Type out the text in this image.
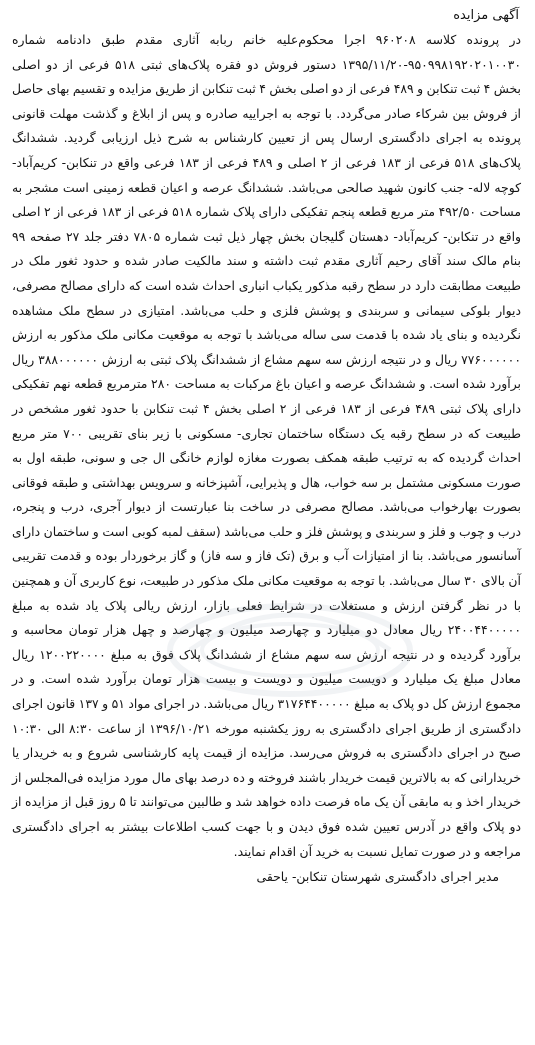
آگهی مزایده

در پرونده کلاسه ۹۶۰۲۰۸ اجرا محکوم‌علیه خانم ربابه آثاری مقدم طبق دادنامه شماره ۹۵۰۹۹۸۱۹۲۰۲۰۱۰۰۳۰-۱۳۹۵/۱۱/۲۰ دستور فروش دو فقره پلاک‌های ثبتی ۵۱۸ فرعی از دو اصلی بخش ۴ ثبت تنکابن و ۴۸۹ فرعی از دو اصلی بخش ۴ ثبت تنکابن از طریق مزایده و تقسیم بهای حاصل از فروش بین شرکاء صادر می‌گردد. با توجه به اجراییه صادره و پس از ابلاغ و گذشت مهلت قانونی پرونده به اجرای دادگستری ارسال پس از تعیین کارشناس به شرح ذیل ارزیابی گردید. ششدانگ پلاک‌های ۵۱۸ فرعی از ۱۸۳ فرعی از ۲ اصلی و ۴۸۹ فرعی از ۱۸۳ فرعی واقع در تنکابن- کریم‌آباد- کوچه لاله- جنب کانون شهید صالحی می‌باشد. ششدانگ عرصه و اعیان قطعه زمینی است مشجر به مساحت ۴۹۲/۵۰ متر مربع قطعه پنجم تفکیکی دارای پلاک شماره ۵۱۸ فرعی از ۱۸۳ فرعی از ۲ اصلی واقع در تنکابن- کریم‌آباد- دهستان گلیجان بخش چهار ذیل ثبت شماره ۷۸۰۵ دفتر جلد ۲۷ صفحه ۹۹ بنام مالک سند آقای رحیم آثاری مقدم ثبت داشته و سند مالکیت صادر شده و حدود ثغور ملک در طبیعت مطابقت دارد در سطح رقبه مذکور یکباب انباری احداث شده است که دارای مصالح مصرفی، دیوار بلوکی سیمانی و سربندی و پوشش فلزی و حلب می‌باشد. امتیازی در سطح ملک مشاهده نگردیده و بنای یاد شده با قدمت سی ساله می‌باشد با توجه به موقعیت مکانی ملک مذکور به ارزش ۷۷۶۰۰۰۰۰۰ ریال و در نتیجه ارزش سه سهم مشاع از ششدانگ پلاک ثبتی به ارزش ۳۸۸۰۰۰۰۰۰ ریال برآورد شده است. و ششدانگ عرصه و اعیان باغ مرکبات به مساحت ۲۸۰ مترمربع قطعه نهم تفکیکی دارای پلاک ثبتی ۴۸۹ فرعی از ۱۸۳ فرعی از ۲ اصلی بخش ۴ ثبت تنکابن با حدود ثغور مشخص در طبیعت که در سطح رقبه یک دستگاه ساختمان تجاری- مسکونی با زیر بنای تقریبی ۷۰۰ متر مربع احداث گردیده که به ترتیب طبقه همکف بصورت مغازه لوازم خانگی ال جی و سونی، طبقه اول به صورت مسکونی مشتمل بر سه خواب، هال و پذیرایی، آشپزخانه و سرویس بهداشتی و طبقه فوقانی بصورت بهارخواب می‌باشد. مصالح مصرفی در ساخت بنا عبارتست از دیوار آجری، درب و پنجره، درب و چوب و فلز و سربندی و پوشش فلز و حلب می‌باشد (سقف لمبه کوبی است و ساختمان دارای آسانسور می‌باشد. بنا از امتیازات آب و برق (تک فاز و سه فاز) و گاز برخوردار بوده و قدمت تقریبی آن بالای ۳۰ سال می‌باشد. با توجه به موقعیت مکانی ملک مذکور در طبیعت، نوع کاربری آن و همچنین با در نظر گرفتن ارزش و مستغلات در شرایط فعلی بازار، ارزش ریالی پلاک یاد شده به مبلغ ۲۴۰۰۴۴۰۰۰۰۰ ریال معادل دو میلیارد و چهارصد میلیون و چهارصد و چهل هزار تومان محاسبه و برآورد گردیده و در نتیجه ارزش سه سهم مشاع از ششدانگ پلاک فوق به مبلغ ۱۲۰۰۲۲۰۰۰۰ ریال معادل مبلغ یک میلیارد و دویست میلیون و دویست و بیست هزار تومان برآورد شده است. و در مجموع ارزش کل دو پلاک به مبلغ ۳۱۷۶۴۴۰۰۰۰۰ ریال می‌باشد. در اجرای مواد ۵۱ و ۱۳۷ قانون اجرای دادگستری از طریق اجرای دادگستری به روز یکشنبه مورخه ۱۳۹۶/۱۰/۲۱ از ساعت ۸:۳۰ الی ۱۰:۳۰ صبح در اجرای دادگستری به فروش می‌رسد. مزایده از قیمت پایه کارشناسی شروع و به خریدار یا خریدارانی که به بالاترین قیمت خریدار باشند فروخته و ده درصد بهای مال مورد مزایده فی‌المجلس از خریدار اخذ و به مابقی آن یک ماه فرصت داده خواهد شد و طالبین می‌توانند تا ۵ روز قبل از مزایده از دو پلاک واقع در آدرس تعیین شده فوق دیدن و با جهت کسب اطلاعات بیشتر به اجرای دادگستری مراجعه و در صورت تمایل نسبت به خرید آن اقدام نمایند.

مدیر اجرای دادگستری شهرستان تنکابن- یاحقی
